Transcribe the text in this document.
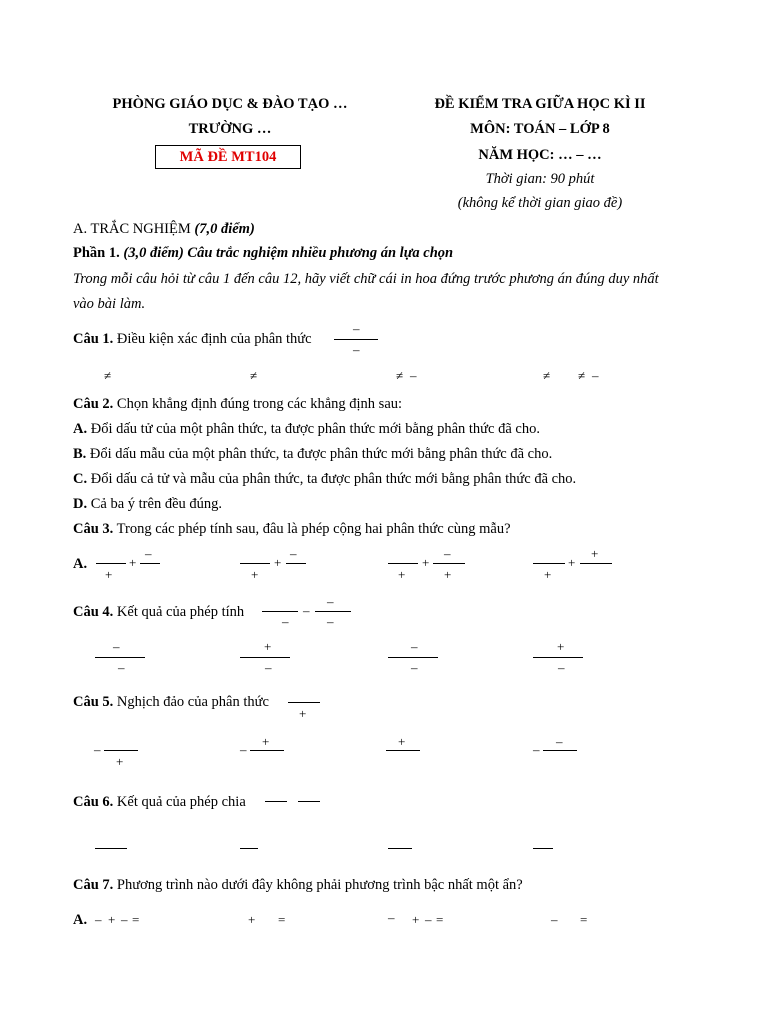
PHÒNG GIÁO DỤC & ĐÀO TẠO …
TRƯỜNG …
MÃ ĐỀ MT104
ĐỀ KIỂM TRA GIỮA HỌC KÌ II
MÔN: TOÁN – LỚP 8
NĂM HỌC: … – …
Thời gian: 90 phút
(không kể thời gian giao đề)
A. TRẮC NGHIỆM (7,0 điểm)
Phần 1. (3,0 điểm) Câu trắc nghiệm nhiều phương án lựa chọn
Trong mỗi câu hỏi từ câu 1 đến câu 12, hãy viết chữ cái in hoa đứng trước phương án đúng duy nhất
vào bài làm.
Câu 1. Điều kiện xác định của phân thức
–
–
≠	≠	≠ –	≠ ≠ –
Câu 2. Chọn khẳng định đúng trong các khẳng định sau:
A. Đổi dấu tử của một phân thức, ta được phân thức mới bằng phân thức đã cho.
B. Đổi dấu mẫu của một phân thức, ta được phân thức mới bằng phân thức đã cho.
C. Đổi dấu cả tử và mẫu của phân thức, ta được phân thức mới bằng phân thức đã cho.
D. Cả ba ý trên đều đúng.
Câu 3. Trong các phép tính sau, đâu là phép cộng hai phân thức cùng mẫu?
A.
+
+
–
+
+
–
+
+
–
+	+
+
+
Câu 4. Kết quả của phép tính
–
–
–
–
–
–
+
–
–
–
+
–
Câu 5. Nghịch đảo của phân thức
+
–
+
–
+	+
–
–
Câu 6. Kết quả của phép chia
Câu 7. Phương trình nào dưới đây không phải phương trình bậc nhất một ẩn?
A. – + – =	+ =	– + – =	– =
